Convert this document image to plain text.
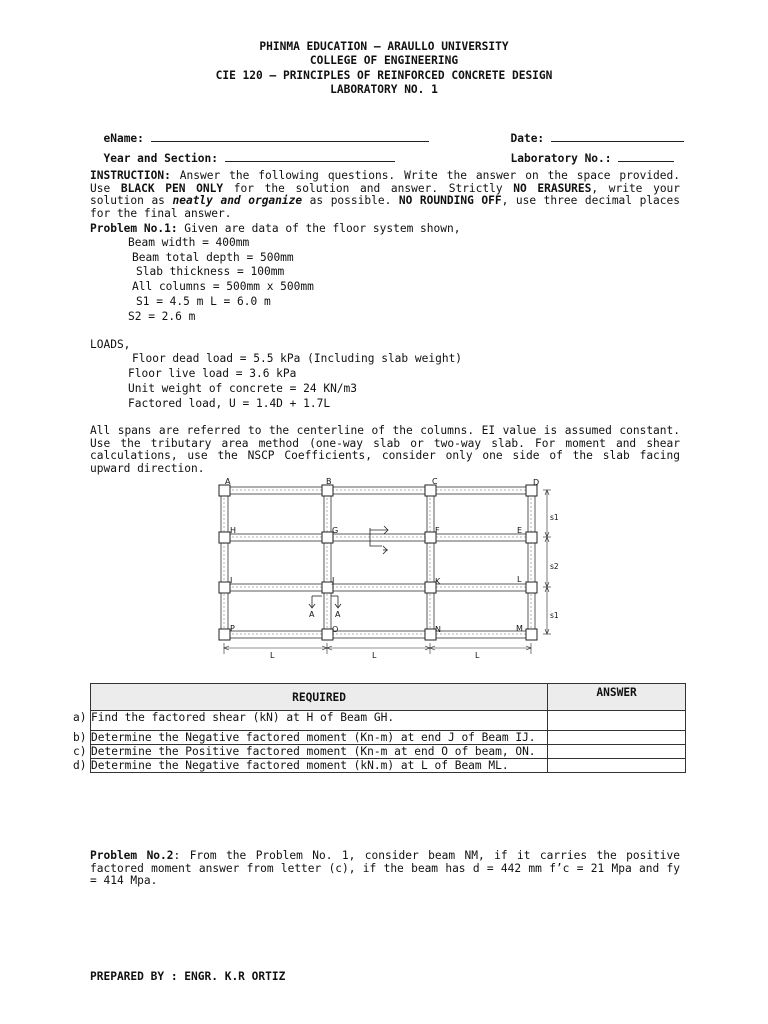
PHINMA EDUCATION – ARAULLO UNIVERSITY
COLLEGE OF ENGINEERING
CIE 120 – PRINCIPLES OF REINFORCED CONCRETE DESIGN
LABORATORY NO. 1

eName:	Date:

Year and Section:	Laboratory No.:

INSTRUCTION: Answer the following questions. Write the answer on the space provided. Use BLACK PEN ONLY for the solution and answer. Strictly NO ERASURES, write your solution as neatly and organize as possible. NO ROUNDING OFF, use three decimal places for the final answer.
Problem No.1: Given are data of the floor system shown,
Beam width = 400mm
Beam total depth = 500mm
Slab thickness = 100mm
All columns = 500mm x 500mm
S1 = 4.5 m L = 6.0 m
S2 = 2.6 m
LOADS,
Floor dead load = 5.5 kPa (Including slab weight)
Floor live load = 3.6 kPa
Unit weight of concrete = 24 KN/m3
Factored load, U = 1.4D + 1.7L
All spans are referred to the centerline of the columns. EI value is assumed constant. Use the tributary area method (one-way slab or two-way slab. For moment and shear calculations, use the NSCP Coefficients, consider only one side of the slab facing upward direction.
A	B	C	D
H	G	F	E
I	J	K	L
P	O	N	M
A	A
s1
s2
s1
L	L	L
REQUIRED	ANSWER
a) Find the factored shear (kN) at H of Beam GH.	
b) Determine the Negative factored moment (Kn-m) at end J of Beam IJ.	
c) Determine the Positive factored moment (Kn-m at end O of beam, ON.	
d) Determine the Negative factored moment (kN.m) at L of Beam ML.	
Problem No.2: From the Problem No. 1, consider beam NM, if it carries the positive factored moment answer from letter (c), if the beam has d = 442 mm f’c = 21 Mpa and fy = 414 Mpa.
PREPARED BY : ENGR. K.R ORTIZ
